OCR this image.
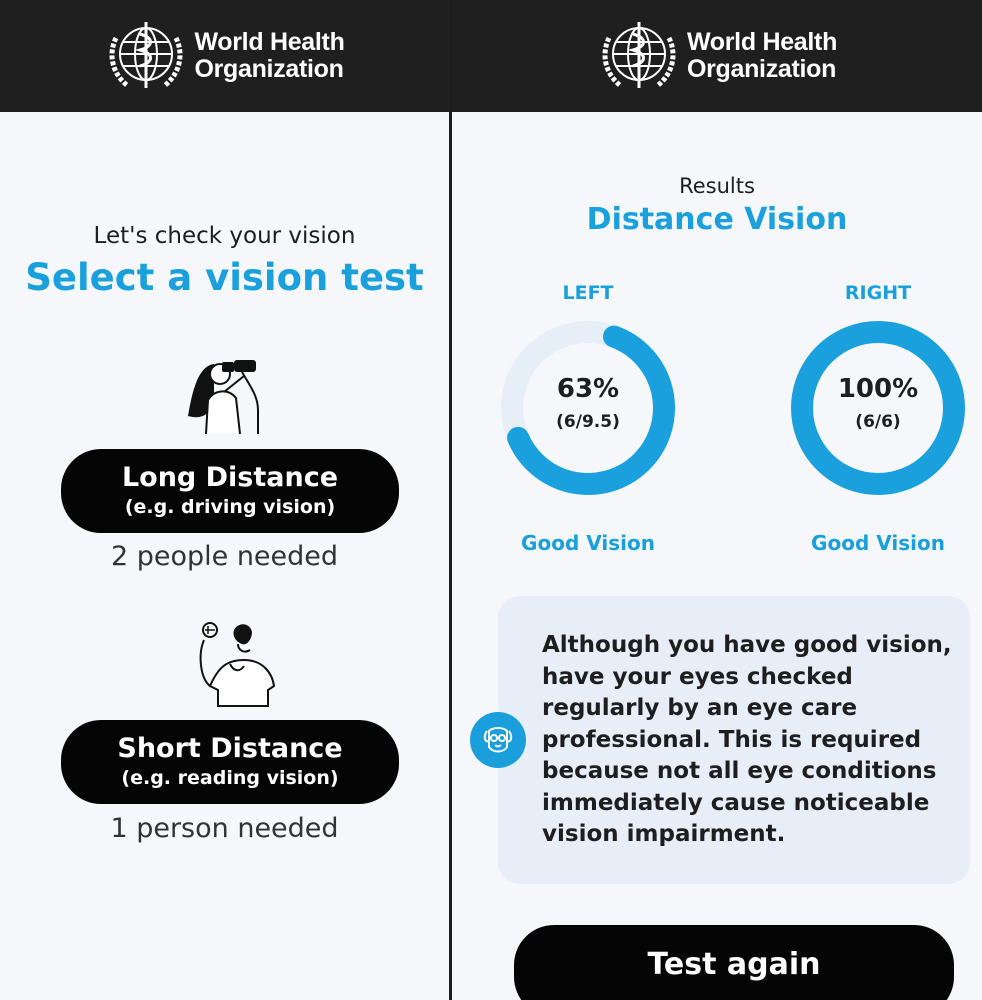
World Health
Organization
Let's check your vision
Select a vision test
Long Distance
(e.g. driving vision)
2 people needed
Short Distance
(e.g. reading vision)
1 person needed
World Health
Organization
Results
Distance Vision
LEFT
63%
(6/9.5)
Good Vision
RIGHT
100%
(6/6)
Good Vision
Although you have good vision, have your eyes checked regularly by an eye care professional. This is required because not all eye conditions immediately cause noticeable vision impairment.
Test again
